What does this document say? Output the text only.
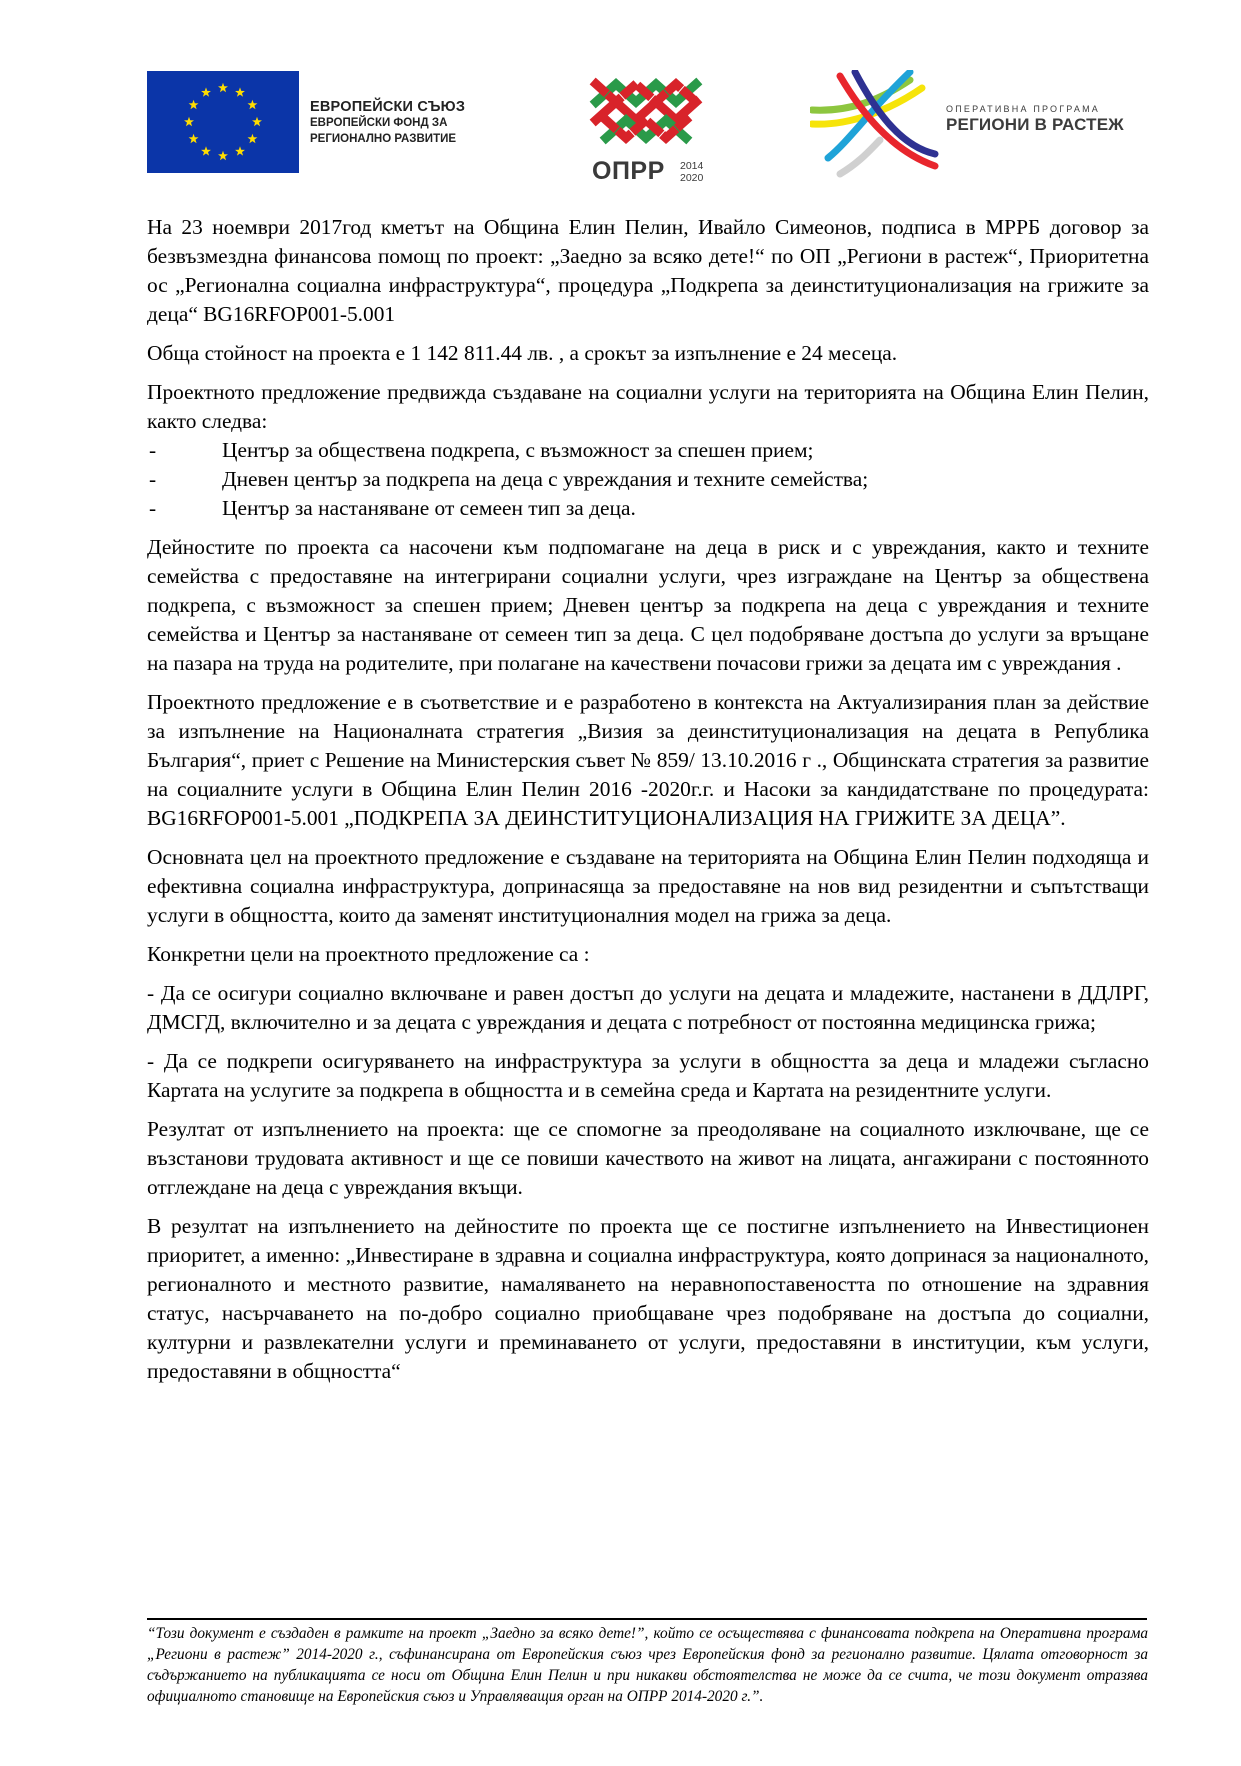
ЕВРОПЕЙСКИ СЪЮЗ
ЕВРОПЕЙСКИ ФОНД ЗА
РЕГИОНАЛНО РАЗВИТИЕ
ОПРР 2014
2020
ОПЕРАТИВНА ПРОГРАМА
РЕГИОНИ В РАСТЕЖ

На 23 ноември 2017год кметът на Община Елин Пелин, Ивайло Симеонов, подписа в МРРБ договор за безвъзмездна финансова помощ по проект: „Заедно за всяко дете!“ по ОП „Региони в растеж“, Приоритетна ос „Регионална социална инфраструктура“, процедура „Подкрепа за деинституционализация на грижите за деца“ BG16RFOP001-5.001

Обща стойност на проекта е 1 142 811.44 лв. , а срокът за изпълнение е 24 месеца.

Проектното предложение предвижда създаване на социални услуги на територията на Община Елин Пелин, както следва:

-	Център за обществена подкрепа, с възможност за спешен прием;
-	Дневен център за подкрепа на деца с увреждания и техните семейства;
-	Център за настаняване от семеен тип за деца.

Дейностите по проекта са насочени към подпомагане на деца в риск и с увреждания, както и техните семейства с предоставяне на интегрирани социални услуги, чрез изграждане на Център за обществена подкрепа, с възможност за спешен прием; Дневен център за подкрепа на деца с увреждания и техните семейства и Център за настаняване от семеен тип за деца. С цел подобряване достъпа до услуги за връщане на пазара на труда на родителите, при полагане на качествени почасови грижи за децата им с увреждания .

Проектното предложение е в съответствие и е разработено в контекста на Актуализирания план за действие за изпълнение на Националната стратегия „Визия за деинституционализация на децата в Република България“, приет с Решение на Министерския съвет № 859/ 13.10.2016 г ., Общинската стратегия за развитие на социалните услуги в Община Елин Пелин 2016 -2020г.г. и Насоки за кандидатстване по процедурата: BG16RFOP001-5.001 „ПОДКРЕПА ЗА ДЕИНСТИТУЦИОНАЛИЗАЦИЯ НА ГРИЖИТЕ ЗА ДЕЦА”.

Основната цел на проектното предложение е създаване на територията на Община Елин Пелин подходяща и ефективна социална инфраструктура, допринасяща за предоставяне на нов вид резидентни и съпътстващи услуги в общността, които да заменят институционалния модел на грижа за деца.

Конкретни цели на проектното предложение са :

- Да се осигури социално включване и равен достъп до услуги на децата и младежите, настанени в ДДЛРГ, ДМСГД, включително и за децата с увреждания и децата с потребност от постоянна медицинска грижа;

- Да се подкрепи осигуряването на инфраструктура за услуги в общността за деца и младежи съгласно Картата на услугите за подкрепа в общността и в семейна среда и Картата на резидентните услуги.

Резултат от изпълнението на проекта: ще се спомогне за преодоляване на социалното изключване, ще се възстанови трудовата активност и ще се повиши качеството на живот на лицата, ангажирани с постоянното отглеждане на деца с увреждания вкъщи.

В резултат на изпълнението на дейностите по проекта ще се постигне изпълнението на Инвестиционен приоритет, а именно: „Инвестиране в здравна и социална инфраструктура, която допринася за националното, регионалното и местното развитие, намаляването на неравнопоставеността по отношение на здравния статус, насърчаването на по-добро социално приобщаване чрез подобряване на достъпа до социални, културни и развлекателни услуги и преминаването от услуги, предоставяни в институции, към услуги, предоставяни в общността“

“Този документ е създаден в рамките на проект „Заедно за всяко дете!”, който се осъществява с финансовата подкрепа на Оперативна програма „Региони в растеж” 2014-2020 г., съфинансирана от Европейския съюз чрез Европейския фонд за регионално развитие. Цялата отговорност за съдържанието на публикацията се носи от Община Елин Пелин и при никакви обстоятелства не може да се счита, че този документ отразява официалното становище на Европейския съюз и Управляващия орган на ОПРР 2014-2020 г.”.
